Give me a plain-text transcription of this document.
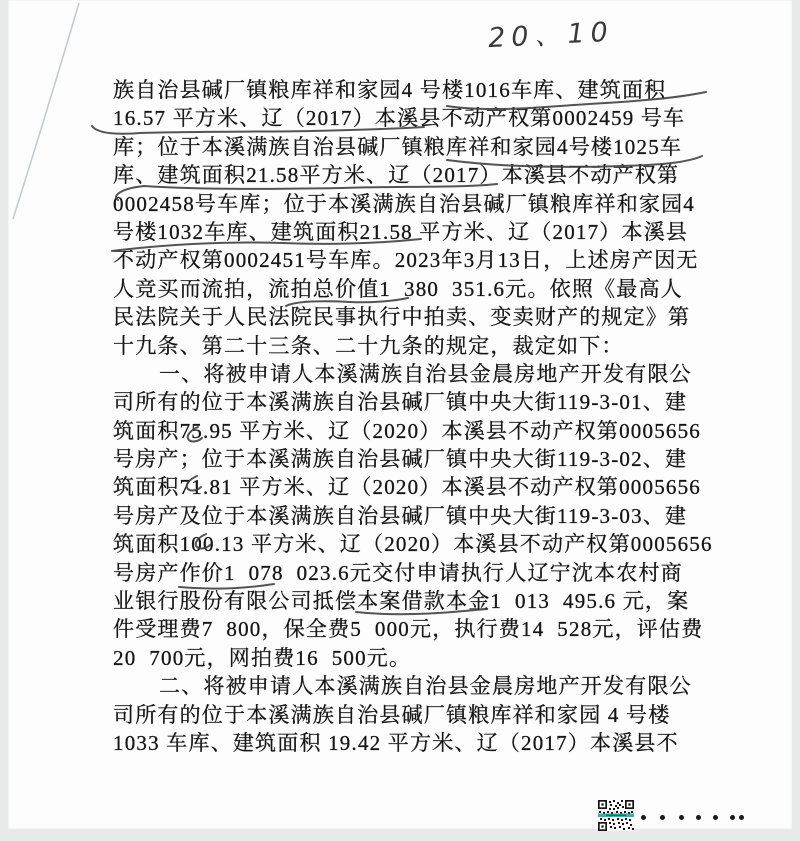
族自治县碱厂镇粮库祥和家园4 号楼1016车库、建筑面积
16.57 平方米、辽（2017）本溪县不动产权第0002459 号车
库；位于本溪满族自治县碱厂镇粮库祥和家园4号楼1025车
库、建筑面积21.58平方米、辽（2017）本溪县不动产权第
0002458号车库；位于本溪满族自治县碱厂镇粮库祥和家园4
号楼1032车库、建筑面积21.58 平方米、辽（2017）本溪县
不动产权第0002451号车库。2023年3月13日，上述房产因无
人竞买而流拍，流拍总价值1  380  351.6元。依照《最高人
民法院关于人民法院民事执行中拍卖、变卖财产的规定》第
十九条、第二十三条、二十九条的规定，裁定如下：
一、将被申请人本溪满族自治县金晨房地产开发有限公
司所有的位于本溪满族自治县碱厂镇中央大街119-3-01、建
筑面积75.95 平方米、辽（2020）本溪县不动产权第0005656
号房产；位于本溪满族自治县碱厂镇中央大街119-3-02、建
筑面积71.81 平方米、辽（2020）本溪县不动产权第0005656
号房产及位于本溪满族自治县碱厂镇中央大街119-3-03、建
筑面积100.13 平方米、辽（2020）本溪县不动产权第0005656
号房产作价1  078  023.6元交付申请执行人辽宁沈本农村商
业银行股份有限公司抵偿本案借款本金1  013  495.6 元，案
件受理费7  800，保全费5  000元，执行费14  528元，评估费
20  700元，网拍费16  500元。
二、将被申请人本溪满族自治县金晨房地产开发有限公
司所有的位于本溪满族自治县碱厂镇粮库祥和家园 4 号楼
1033 车库、建筑面积 19.42 平方米、辽（2017）本溪县不
20、10
